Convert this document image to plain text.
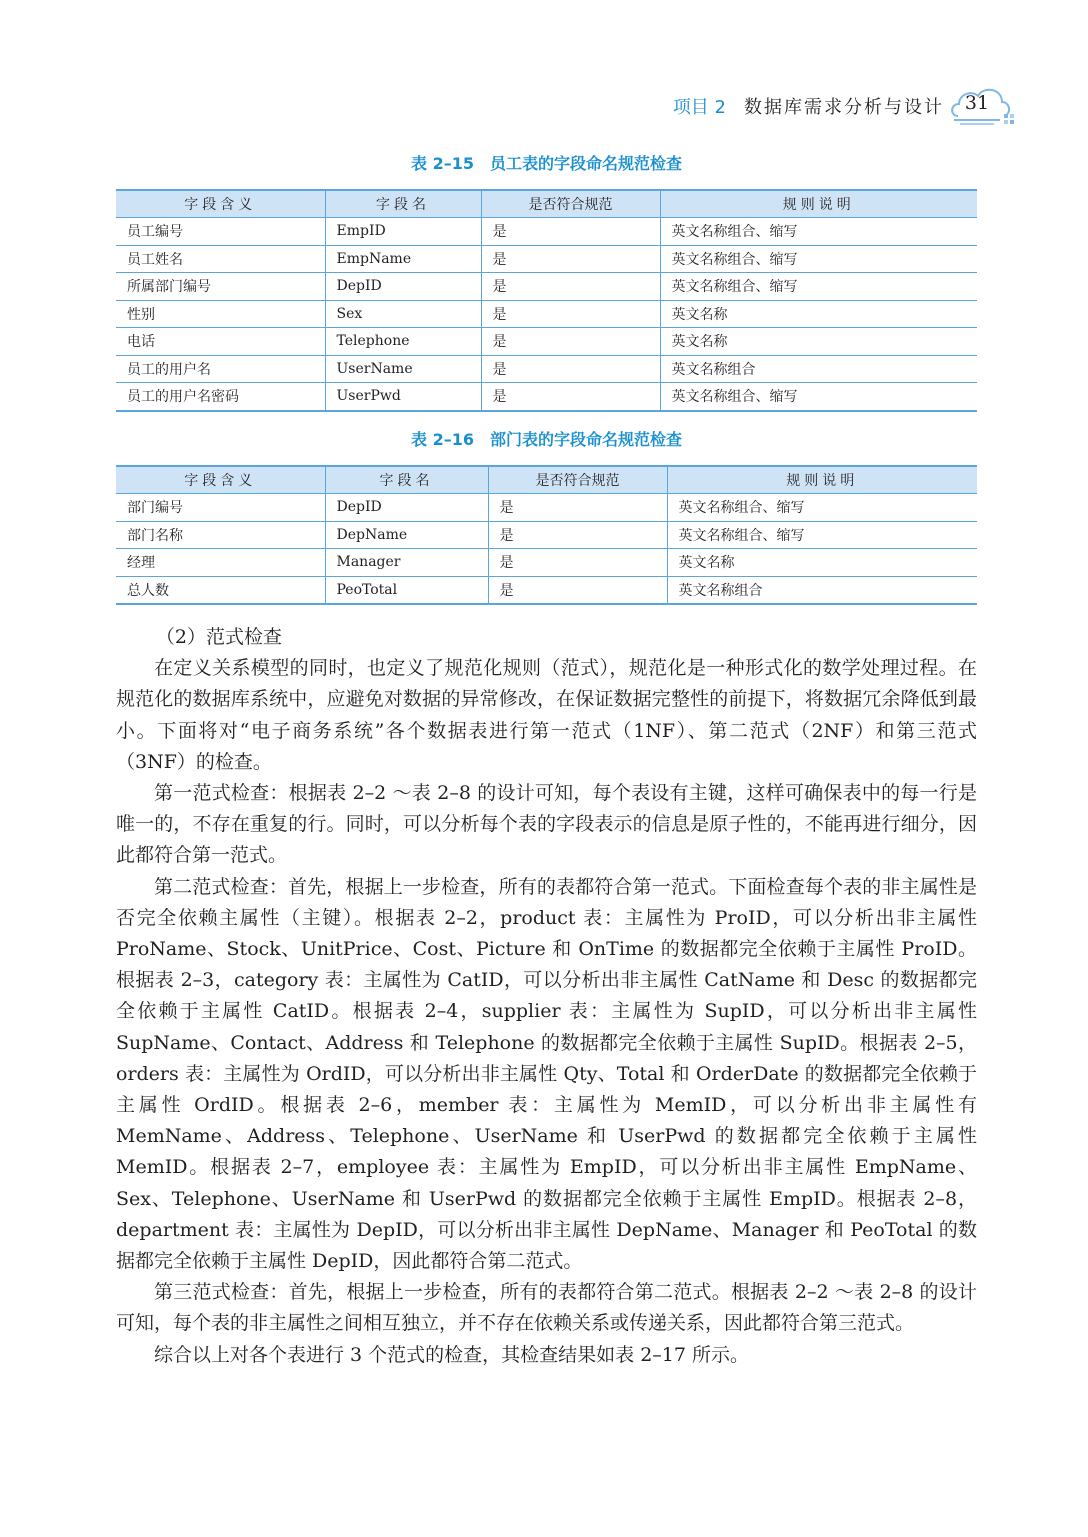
项目 2 数据库需求分析与设计 31
表 2–15　员工表的字段命名规范检查
字段含义	字段名	是否符合规范	规则说明
员工编号	EmpID	是	英文名称组合、缩写
员工姓名	EmpName	是	英文名称组合、缩写
所属部门编号	DepID	是	英文名称组合、缩写
性别	Sex	是	英文名称
电话	Telephone	是	英文名称
员工的用户名	UserName	是	英文名称组合
员工的用户名密码	UserPwd	是	英文名称组合、缩写
表 2–16　部门表的字段命名规范检查
字段含义	字段名	是否符合规范	规则说明
部门编号	DepID	是	英文名称组合、缩写
部门名称	DepName	是	英文名称组合、缩写
经理	Manager	是	英文名称
总人数	PeoTotal	是	英文名称组合

（2）范式检查

在定义关系模型的同时，也定义了规范化规则（范式），规范化是一种形式化的数学处理过程。在规范化的数据库系统中，应避免对数据的异常修改，在保证数据完整性的前提下，将数据冗余降低到最小。下面将对“电子商务系统”各个数据表进行第一范式（1NF）、第二范式（2NF）和第三范式（3NF）的检查。

第一范式检查：根据表 2–2 ～表 2–8 的设计可知，每个表设有主键，这样可确保表中的每一行是唯一的，不存在重复的行。同时，可以分析每个表的字段表示的信息是原子性的，不能再进行细分，因此都符合第一范式。

第二范式检查：首先，根据上一步检查，所有的表都符合第一范式。下面检查每个表的非主属性是否完全依赖主属性（主键）。根据表 2–2，product 表：主属性为 ProID，可以分析出非主属性 ProName、Stock、UnitPrice、Cost、Picture 和 OnTime 的数据都完全依赖于主属性 ProID。根据表 2–3，category 表：主属性为 CatID，可以分析出非主属性 CatName 和 Desc 的数据都完全依赖于主属性 CatID。根据表 2–4，supplier 表：主属性为 SupID，可以分析出非主属性 SupName、Contact、Address 和 Telephone 的数据都完全依赖于主属性 SupID。根据表 2–5，orders 表：主属性为 OrdID，可以分析出非主属性 Qty、Total 和 OrderDate 的数据都完全依赖于主属性 OrdID。根据表 2–6，member 表：主属性为 MemID，可以分析出非主属性有 MemName、Address、Telephone、UserName 和 UserPwd 的数据都完全依赖于主属性 MemID。根据表 2–7，employee 表：主属性为 EmpID，可以分析出非主属性 EmpName、Sex、Telephone、UserName 和 UserPwd 的数据都完全依赖于主属性 EmpID。根据表 2–8，department 表：主属性为 DepID，可以分析出非主属性 DepName、Manager 和 PeoTotal 的数据都完全依赖于主属性 DepID，因此都符合第二范式。

第三范式检查：首先，根据上一步检查，所有的表都符合第二范式。根据表 2–2 ～表 2–8 的设计可知，每个表的非主属性之间相互独立，并不存在依赖关系或传递关系，因此都符合第三范式。

综合以上对各个表进行 3 个范式的检查，其检查结果如表 2–17 所示。
